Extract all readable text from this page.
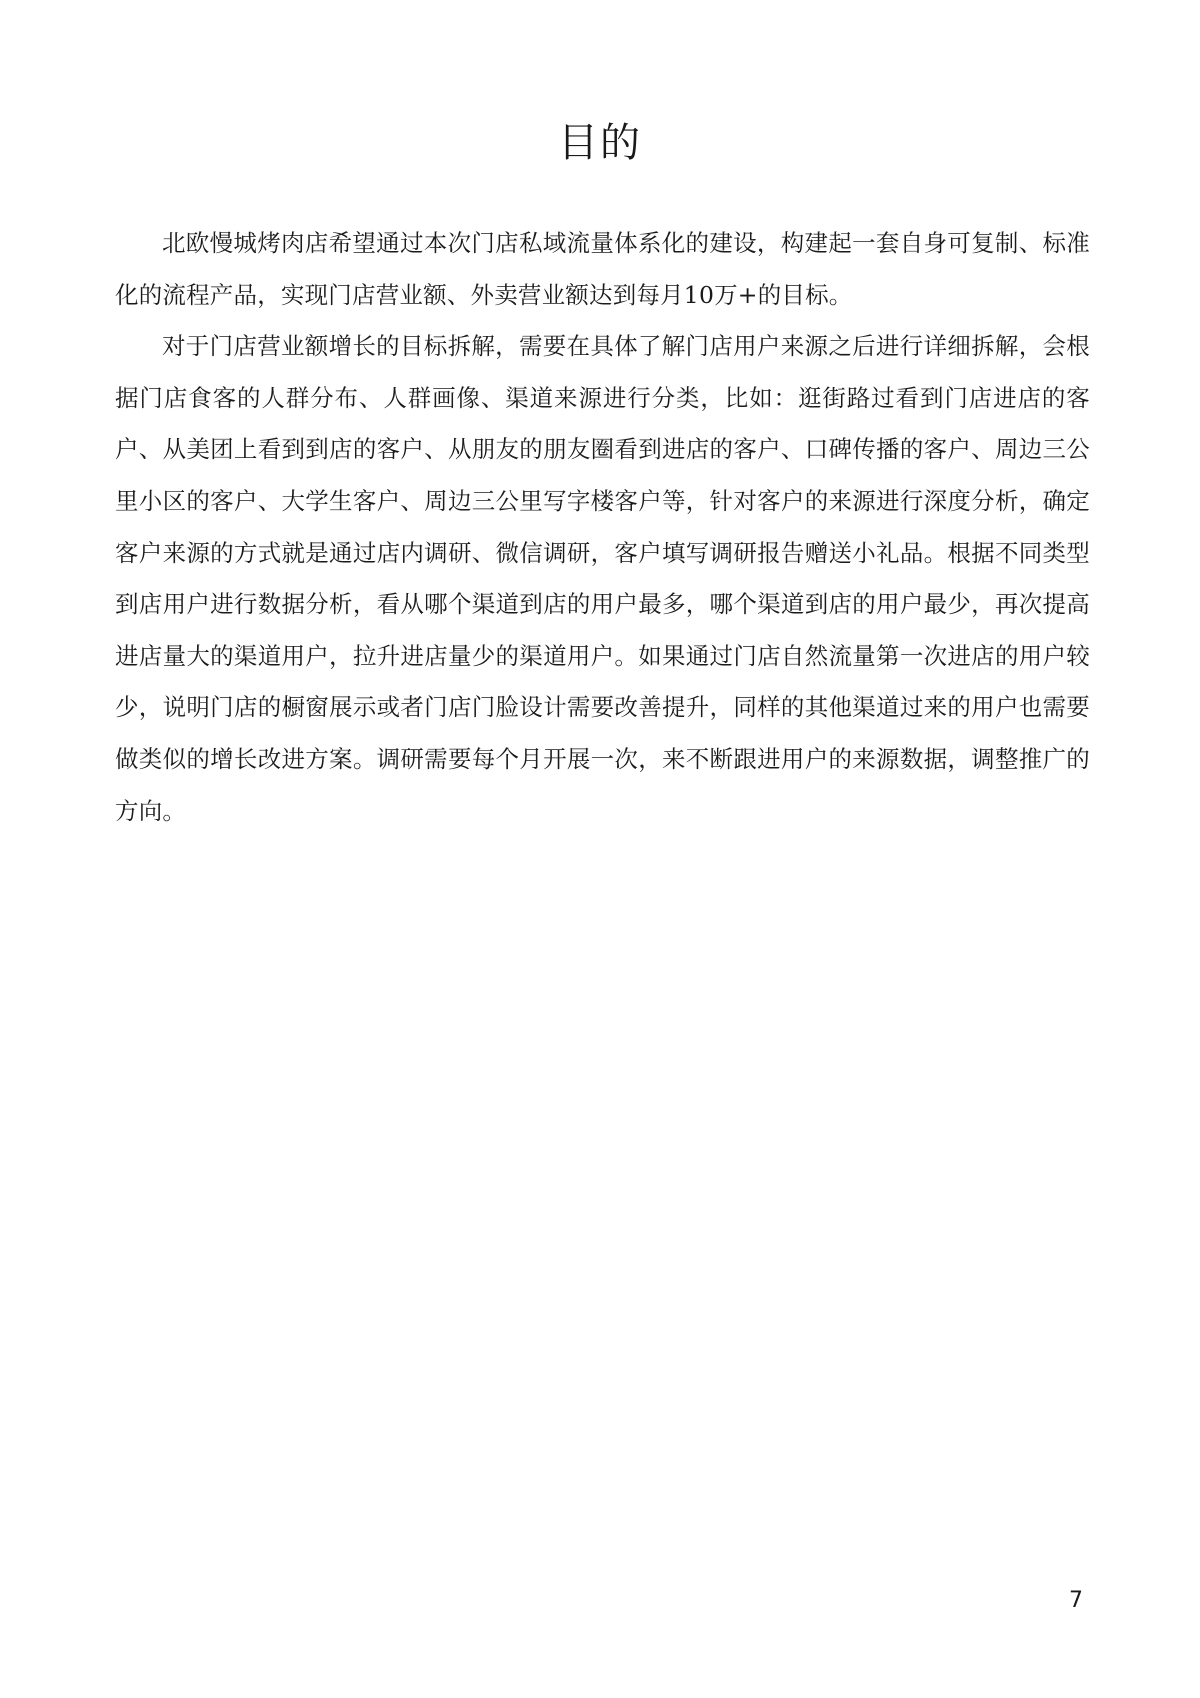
目的

北欧慢城烤肉店希望通过本次门店私域流量体系化的建设，构建起一套自身可复制、标准化的流程产品，实现门店营业额、外卖营业额达到每月10万+的目标。

对于门店营业额增长的目标拆解，需要在具体了解门店用户来源之后进行详细拆解，会根据门店食客的人群分布、人群画像、渠道来源进行分类，比如：逛街路过看到门店进店的客户、从美团上看到到店的客户、从朋友的朋友圈看到进店的客户、口碑传播的客户、周边三公里小区的客户、大学生客户、周边三公里写字楼客户等，针对客户的来源进行深度分析，确定客户来源的方式就是通过店内调研、微信调研，客户填写调研报告赠送小礼品。根据不同类型到店用户进行数据分析，看从哪个渠道到店的用户最多，哪个渠道到店的用户最少，再次提高进店量大的渠道用户，拉升进店量少的渠道用户。如果通过门店自然流量第一次进店的用户较少，说明门店的橱窗展示或者门店门脸设计需要改善提升，同样的其他渠道过来的用户也需要做类似的增长改进方案。调研需要每个月开展一次，来不断跟进用户的来源数据，调整推广的方向。

7
